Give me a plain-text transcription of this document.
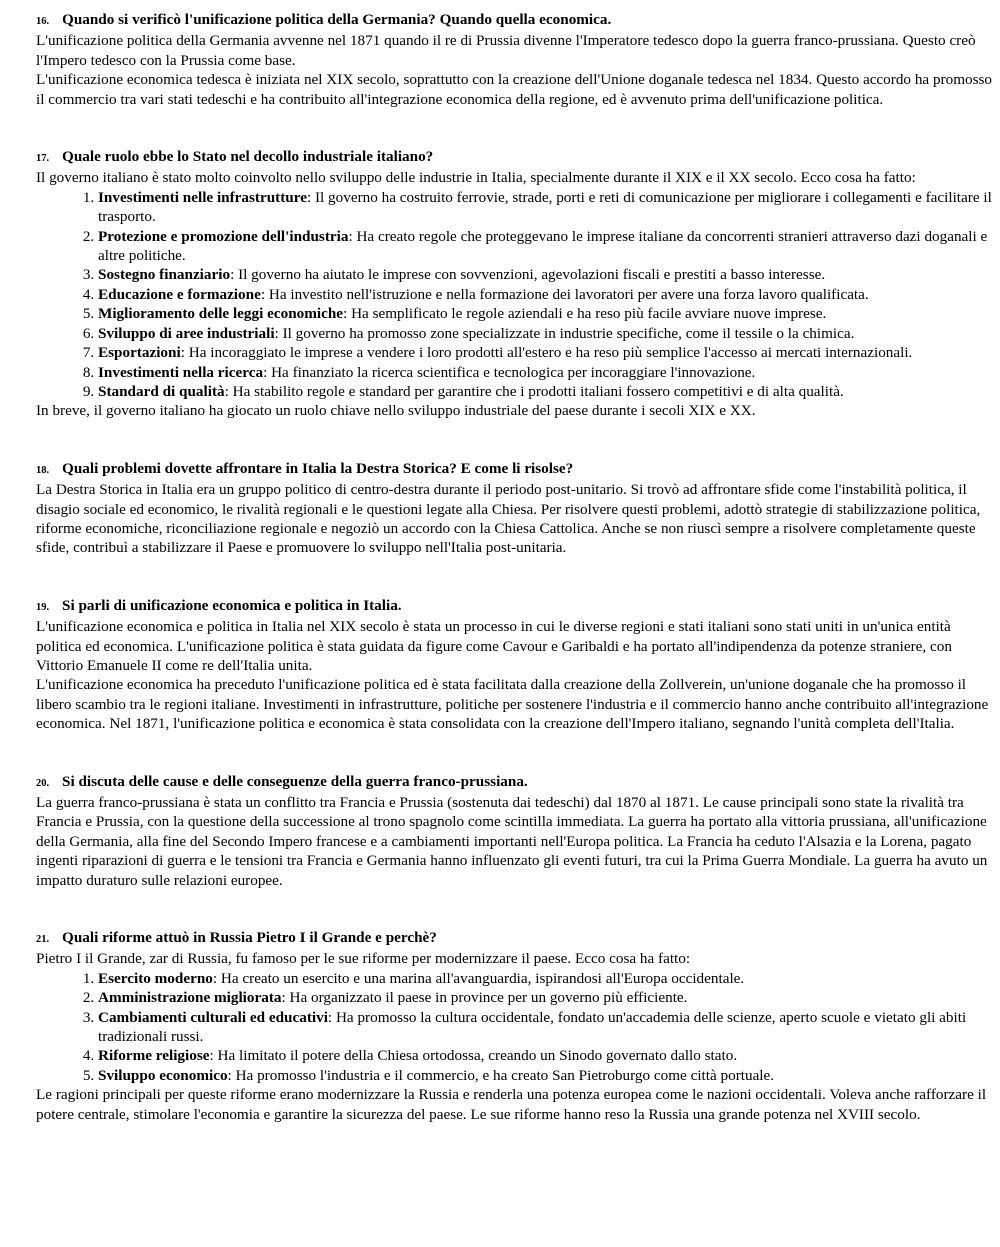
16. Quando si verificò l'unificazione politica della Germania? Quando quella economica.

L'unificazione politica della Germania avvenne nel 1871 quando il re di Prussia divenne l'Imperatore tedesco dopo la guerra franco-prussiana. Questo creò l'Impero tedesco con la Prussia come base.

L'unificazione economica tedesca è iniziata nel XIX secolo, soprattutto con la creazione dell'Unione doganale tedesca nel 1834. Questo accordo ha promosso il commercio tra vari stati tedeschi e ha contribuito all'integrazione economica della regione, ed è avvenuto prima dell'unificazione politica.

17. Quale ruolo ebbe lo Stato nel decollo industriale italiano?

Il governo italiano è stato molto coinvolto nello sviluppo delle industrie in Italia, specialmente durante il XIX e il XX secolo. Ecco cosa ha fatto:

1. Investimenti nelle infrastrutture: Il governo ha costruito ferrovie, strade, porti e reti di comunicazione per migliorare i collegamenti e facilitare il trasporto.
2. Protezione e promozione dell'industria: Ha creato regole che proteggevano le imprese italiane da concorrenti stranieri attraverso dazi doganali e altre politiche.
3. Sostegno finanziario: Il governo ha aiutato le imprese con sovvenzioni, agevolazioni fiscali e prestiti a basso interesse.
4. Educazione e formazione: Ha investito nell'istruzione e nella formazione dei lavoratori per avere una forza lavoro qualificata.
5. Miglioramento delle leggi economiche: Ha semplificato le regole aziendali e ha reso più facile avviare nuove imprese.
6. Sviluppo di aree industriali: Il governo ha promosso zone specializzate in industrie specifiche, come il tessile o la chimica.
7. Esportazioni: Ha incoraggiato le imprese a vendere i loro prodotti all'estero e ha reso più semplice l'accesso ai mercati internazionali.
8. Investimenti nella ricerca: Ha finanziato la ricerca scientifica e tecnologica per incoraggiare l'innovazione.
9. Standard di qualità: Ha stabilito regole e standard per garantire che i prodotti italiani fossero competitivi e di alta qualità.

In breve, il governo italiano ha giocato un ruolo chiave nello sviluppo industriale del paese durante i secoli XIX e XX.

18. Quali problemi dovette affrontare in Italia la Destra Storica? E come li risolse?

La Destra Storica in Italia era un gruppo politico di centro-destra durante il periodo post-unitario. Si trovò ad affrontare sfide come l'instabilità politica, il disagio sociale ed economico, le rivalità regionali e le questioni legate alla Chiesa. Per risolvere questi problemi, adottò strategie di stabilizzazione politica, riforme economiche, riconciliazione regionale e negoziò un accordo con la Chiesa Cattolica. Anche se non riuscì sempre a risolvere completamente queste sfide, contribuì a stabilizzare il Paese e promuovere lo sviluppo nell'Italia post-unitaria.

19. Si parli di unificazione economica e politica in Italia.

L'unificazione economica e politica in Italia nel XIX secolo è stata un processo in cui le diverse regioni e stati italiani sono stati uniti in un'unica entità politica ed economica. L'unificazione politica è stata guidata da figure come Cavour e Garibaldi e ha portato all'indipendenza da potenze straniere, con Vittorio Emanuele II come re dell'Italia unita.

L'unificazione economica ha preceduto l'unificazione politica ed è stata facilitata dalla creazione della Zollverein, un'unione doganale che ha promosso il libero scambio tra le regioni italiane. Investimenti in infrastrutture, politiche per sostenere l'industria e il commercio hanno anche contribuito all'integrazione economica. Nel 1871, l'unificazione politica e economica è stata consolidata con la creazione dell'Impero italiano, segnando l'unità completa dell'Italia.

20. Si discuta delle cause e delle conseguenze della guerra franco-prussiana.

La guerra franco-prussiana è stata un conflitto tra Francia e Prussia (sostenuta dai tedeschi) dal 1870 al 1871. Le cause principali sono state la rivalità tra Francia e Prussia, con la questione della successione al trono spagnolo come scintilla immediata. La guerra ha portato alla vittoria prussiana, all'unificazione della Germania, alla fine del Secondo Impero francese e a cambiamenti importanti nell'Europa politica. La Francia ha ceduto l'Alsazia e la Lorena, pagato ingenti riparazioni di guerra e le tensioni tra Francia e Germania hanno influenzato gli eventi futuri, tra cui la Prima Guerra Mondiale. La guerra ha avuto un impatto duraturo sulle relazioni europee.

21. Quali riforme attuò in Russia Pietro I il Grande e perchè?

Pietro I il Grande, zar di Russia, fu famoso per le sue riforme per modernizzare il paese. Ecco cosa ha fatto:

1. Esercito moderno: Ha creato un esercito e una marina all'avanguardia, ispirandosi all'Europa occidentale.
2. Amministrazione migliorata: Ha organizzato il paese in province per un governo più efficiente.
3. Cambiamenti culturali ed educativi: Ha promosso la cultura occidentale, fondato un'accademia delle scienze, aperto scuole e vietato gli abiti tradizionali russi.
4. Riforme religiose: Ha limitato il potere della Chiesa ortodossa, creando un Sinodo governato dallo stato.
5. Sviluppo economico: Ha promosso l'industria e il commercio, e ha creato San Pietroburgo come città portuale.

Le ragioni principali per queste riforme erano modernizzare la Russia e renderla una potenza europea come le nazioni occidentali. Voleva anche rafforzare il potere centrale, stimolare l'economia e garantire la sicurezza del paese. Le sue riforme hanno reso la Russia una grande potenza nel XVIII secolo.
